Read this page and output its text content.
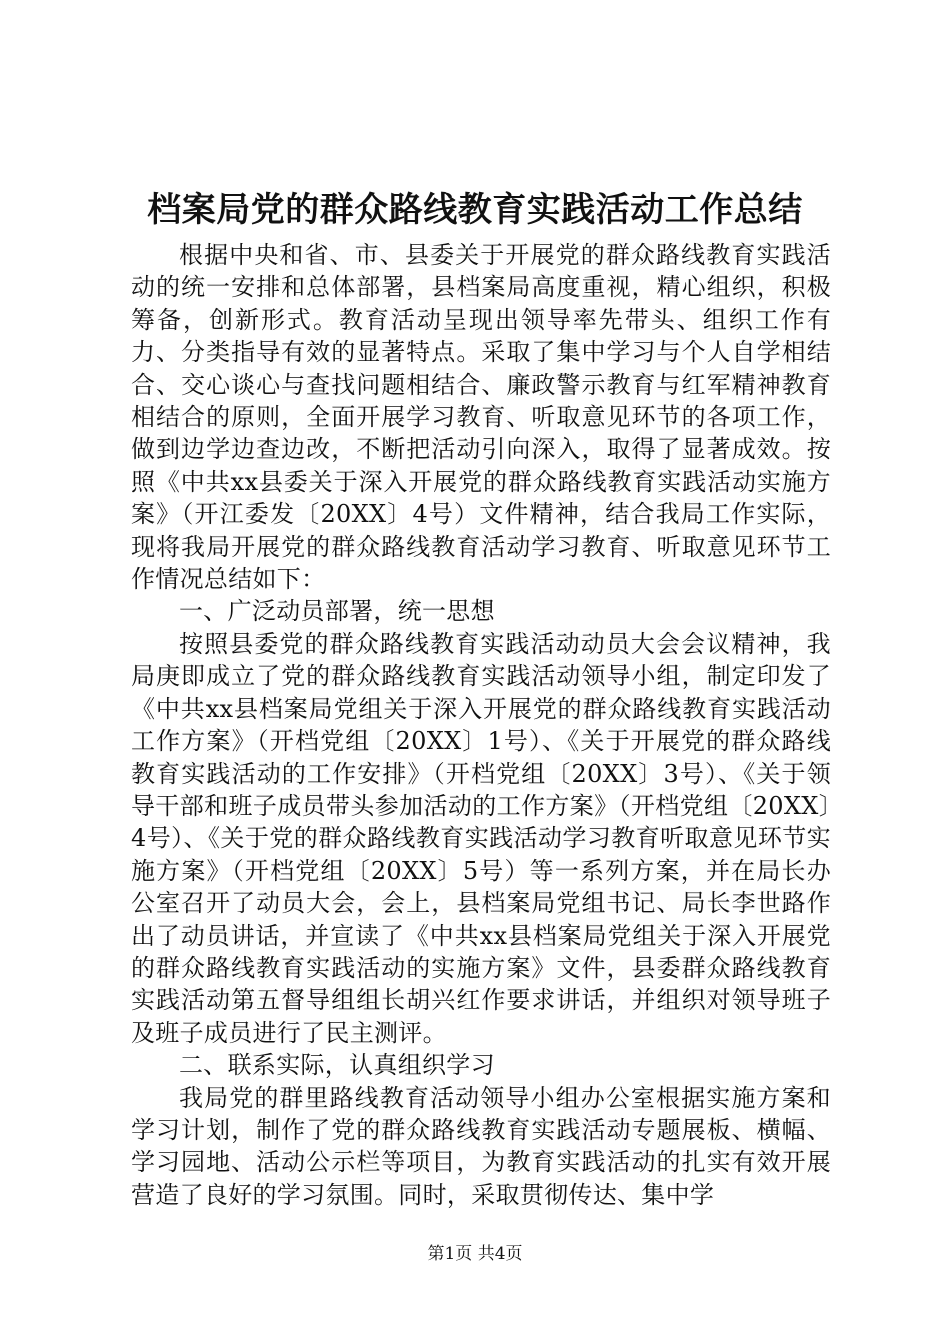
档案局党的群众路线教育实践活动工作总结

根据中央和省、市、县委关于开展党的群众路线教育实践活动的统一安排和总体部署，县档案局高度重视，精心组织，积极筹备，创新形式。教育活动呈现出领导率先带头、组织工作有力、分类指导有效的显著特点。采取了集中学习与个人自学相结合、交心谈心与查找问题相结合、廉政警示教育与红军精神教育相结合的原则，全面开展学习教育、听取意见环节的各项工作，做到边学边查边改，不断把活动引向深入，取得了显著成效。按照《中共xx县委关于深入开展党的群众路线教育实践活动实施方案》（开江委发〔20XX〕4号）文件精神，结合我局工作实际，现将我局开展党的群众路线教育活动学习教育、听取意见环节工作情况总结如下：

一、广泛动员部署，统一思想

按照县委党的群众路线教育实践活动动员大会会议精神，我局庚即成立了党的群众路线教育实践活动领导小组，制定印发了《中共xx县档案局党组关于深入开展党的群众路线教育实践活动工作方案》（开档党组〔20XX〕1号）、《关于开展党的群众路线教育实践活动的工作安排》（开档党组〔20XX〕3号）、《关于领导干部和班子成员带头参加活动的工作方案》（开档党组〔20XX〕4号）、《关于党的群众路线教育实践活动学习教育听取意见环节实施方案》（开档党组〔20XX〕5号）等一系列方案，并在局长办公室召开了动员大会，会上，县档案局党组书记、局长李世路作出了动员讲话，并宣读了《中共xx县档案局党组关于深入开展党的群众路线教育实践活动的实施方案》文件，县委群众路线教育实践活动第五督导组组长胡兴红作要求讲话，并组织对领导班子及班子成员进行了民主测评。

二、联系实际，认真组织学习

我局党的群里路线教育活动领导小组办公室根据实施方案和学习计划，制作了党的群众路线教育实践活动专题展板、横幅、学习园地、活动公示栏等项目，为教育实践活动的扎实有效开展营造了良好的学习氛围。同时，采取贯彻传达、集中学

第1页 共4页
